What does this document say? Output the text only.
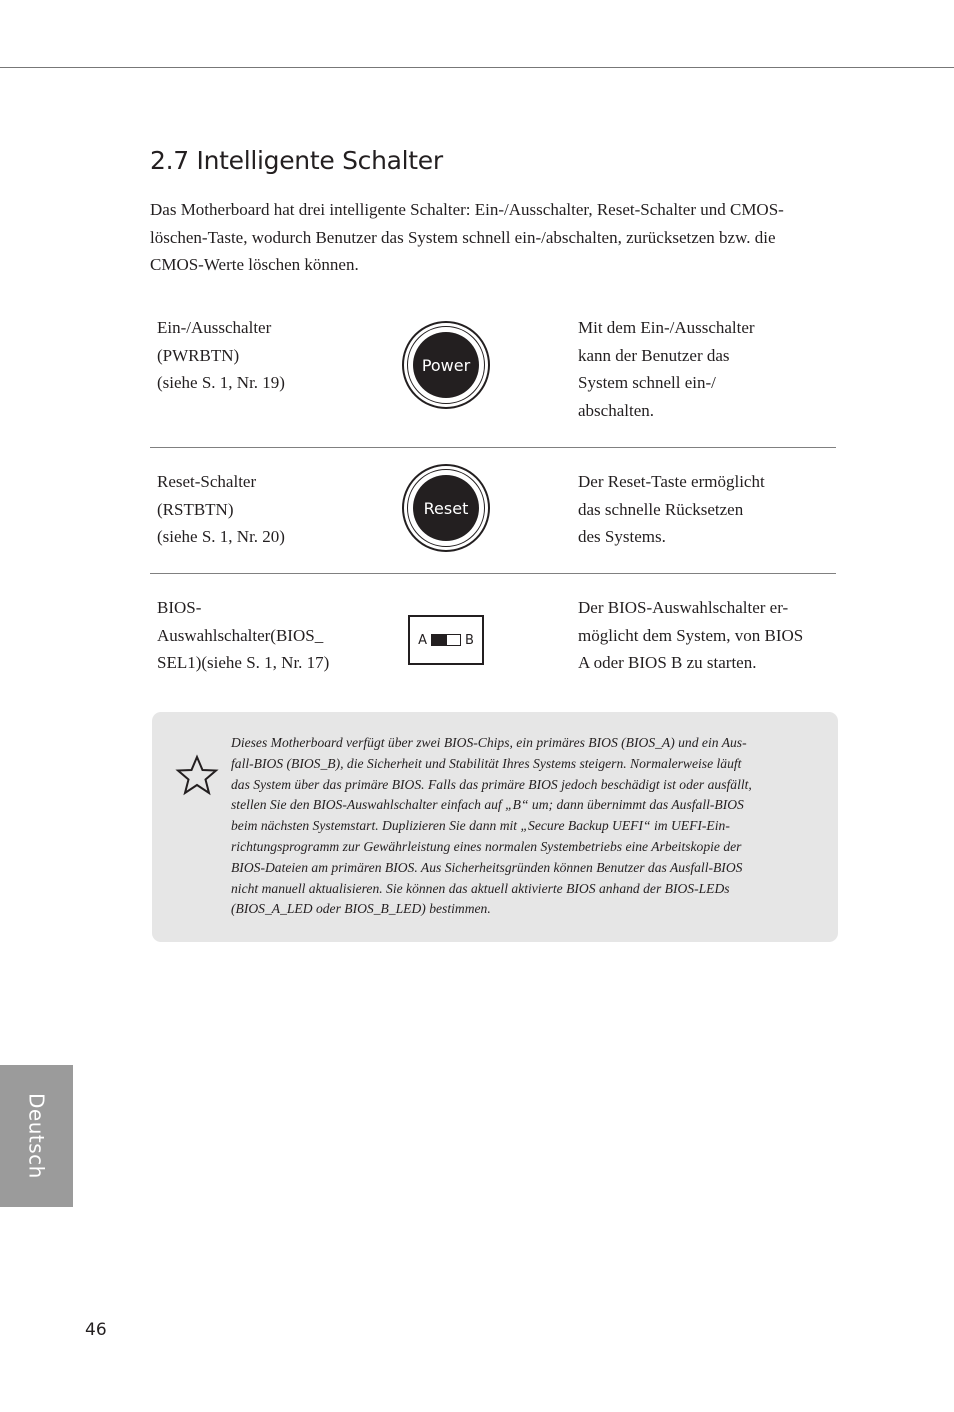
2.7 Intelligente Schalter

Das Motherboard hat drei intelligente Schalter: Ein-/Ausschalter, Reset-Schalter und CMOS-löschen-Taste, wodurch Benutzer das System schnell ein-/abschalten, zurücksetzen bzw. die CMOS-Werte löschen können.

Ein-/Ausschalter
(PWRBTN)
(siehe S. 1, Nr. 19)
Power
Mit dem Ein-/Ausschalter
kann der Benutzer das
System schnell ein-/
abschalten.
Reset-Schalter
(RSTBTN)
(siehe S. 1, Nr. 20)
Reset
Der Reset-Taste ermöglicht
das schnelle Rücksetzen
des Systems.
BIOS-
Auswahlschalter(BIOS_
SEL1)(siehe S. 1, Nr. 17)
A	B
Der BIOS-Auswahlschalter er-
möglicht dem System, von BIOS
A oder BIOS B zu starten.
Dieses Motherboard verfügt über zwei BIOS-Chips, ein primäres BIOS (BIOS_A) und ein Aus-
fall-BIOS (BIOS_B), die Sicherheit und Stabilität Ihres Systems steigern. Normalerweise läuft
das System über das primäre BIOS. Falls das primäre BIOS jedoch beschädigt ist oder ausfällt,
stellen Sie den BIOS-Auswahlschalter einfach auf „B“ um; dann übernimmt das Ausfall-BIOS
beim nächsten Systemstart. Duplizieren Sie dann mit „Secure Backup UEFI“ im UEFI-Ein-
richtungsprogramm zur Gewährleistung eines normalen Systembetriebs eine Arbeitskopie der
BIOS-Dateien am primären BIOS. Aus Sicherheitsgründen können Benutzer das Ausfall-BIOS
nicht manuell aktualisieren. Sie können das aktuell aktivierte BIOS anhand der BIOS-LEDs
(BIOS_A_LED oder BIOS_B_LED) bestimmen.
Deutsch
46
